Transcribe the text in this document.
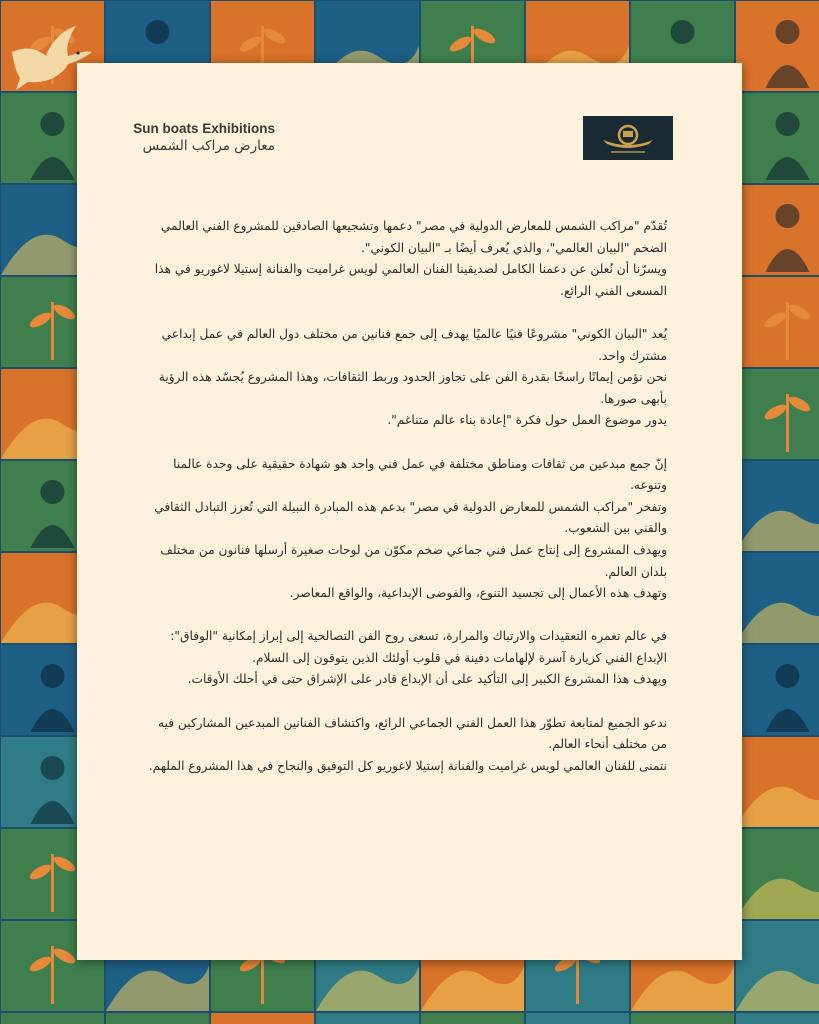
Sun boats Exhibitions
معارض مراكب الشمس

تُقدّم "مراكب الشمس للمعارض الدولية في مصر" دعمها وتشجيعها الصادقين للمشروع الفني العالمي الضخم "البيان العالمي"، والذي يُعرف أيضًا بـ "البيان الكوني".
ويسرّنا أن نُعلن عن دعمنا الكامل لصديقينا الفنان العالمي لويس غراميت والفنانة إستيلا لاغوريو في هذا المسعى الفني الرائع.

يُعد "البيان الكوني" مشروعًا فنيًا عالميًا يهدف إلى جمع فنانين من مختلف دول العالم في عمل إبداعي مشترك واحد.
نحن نؤمن إيمانًا راسخًا بقدرة الفن على تجاوز الحدود وربط الثقافات، وهذا المشروع يُجسّد هذه الرؤية بأبهى صورها.
يدور موضوع العمل حول فكرة "إعادة بناء عالم متناغم".

إنّ جمع مبدعين من ثقافات ومناطق مختلفة في عمل فني واحد هو شهادة حقيقية على وحدة عالمنا وتنوعه.
وتفخر "مراكب الشمس للمعارض الدولية في مصر" بدعم هذه المبادرة النبيلة التي تُعزز التبادل الثقافي والفني بين الشعوب.
ويهدف المشروع إلى إنتاج عمل فني جماعي ضخم مكوّن من لوحات صغيرة أرسلها فنانون من مختلف بلدان العالم.
وتهدف هذه الأعمال إلى تجسيد التنوع، والفوضى الإبداعية، والواقع المعاصر.

في عالم تغمره التعقيدات والارتباك والمرارة، تسعى روح الفن التصالحية إلى إبراز إمكانية "الوفاق":
الإبداع الفني كزيارة آسرة لإلهامات دفينة في قلوب أولئك الذين يتوقون إلى السلام.
ويهدف هذا المشروع الكبير إلى التأكيد على أن الإبداع قادر على الإشراق حتى في أحلك الأوقات.

ندعو الجميع لمتابعة تطوّر هذا العمل الفني الجماعي الرائع، واكتشاف الفنانين المبدعين المشاركين فيه من مختلف أنحاء العالم.
نتمنى للفنان العالمي لويس غراميت والفنانة إستيلا لاغوريو كل التوفيق والنجاح في هذا المشروع الملهم.
